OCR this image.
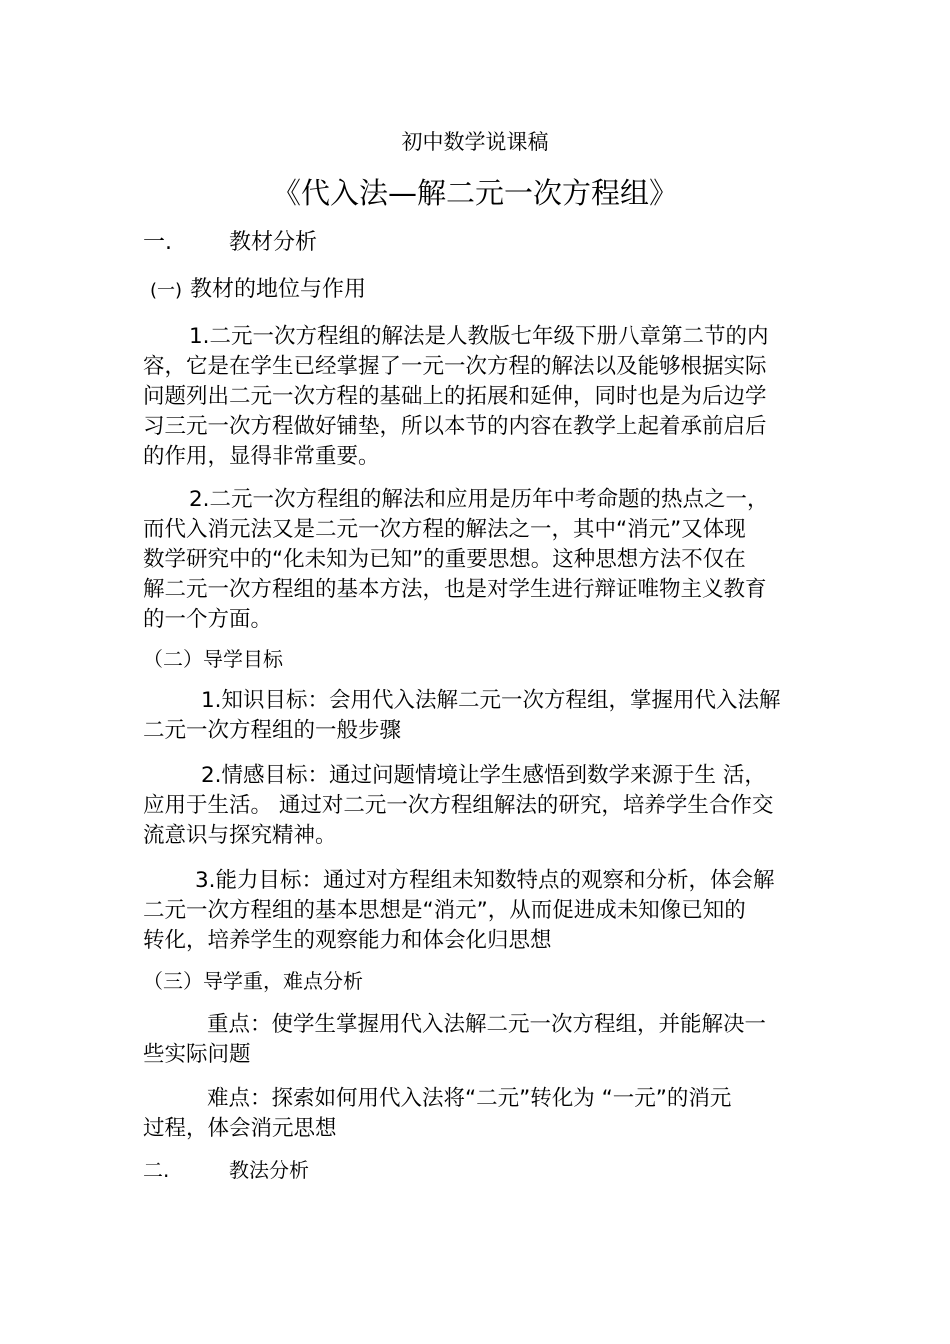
初中数学说课稿
《代入法—解二元一次方程组》
一.	教材分析
(一) 教材的地位与作用

1.二元一次方程组的解法是人教版七年级下册八章第二节的内

容，它是在学生已经掌握了一元一次方程的解法以及能够根据实际

问题列出二元一次方程的基础上的拓展和延伸，同时也是为后边学

习三元一次方程做好铺垫，所以本节的内容在教学上起着承前启后

的作用，显得非常重要。

2.二元一次方程组的解法和应用是历年中考命题的热点之一，

而代入消元法又是二元一次方程的解法之一，其中“消元”又体现

数学研究中的“化未知为已知”的重要思想。这种思想方法不仅在

解二元一次方程组的基本方法，也是对学生进行辩证唯物主义教育

的一个方面。

（二）导学目标

1.知识目标：会用代入法解二元一次方程组，掌握用代入法解

二元一次方程组的一般步骤

2.情感目标：通过问题情境让学生感悟到数学来源于生 活，

应用于生活。 通过对二元一次方程组解法的研究，培养学生合作交

流意识与探究精神。

3.能力目标：通过对方程组未知数特点的观察和分析，体会解

二元一次方程组的基本思想是“消元”，从而促进成未知像已知的

转化，培养学生的观察能力和体会化归思想

（三）导学重，难点分析

重点：使学生掌握用代入法解二元一次方程组，并能解决一

些实际问题

难点：探索如何用代入法将“二元”转化为 “一元”的消元

过程，体会消元思想

二.	教法分析
